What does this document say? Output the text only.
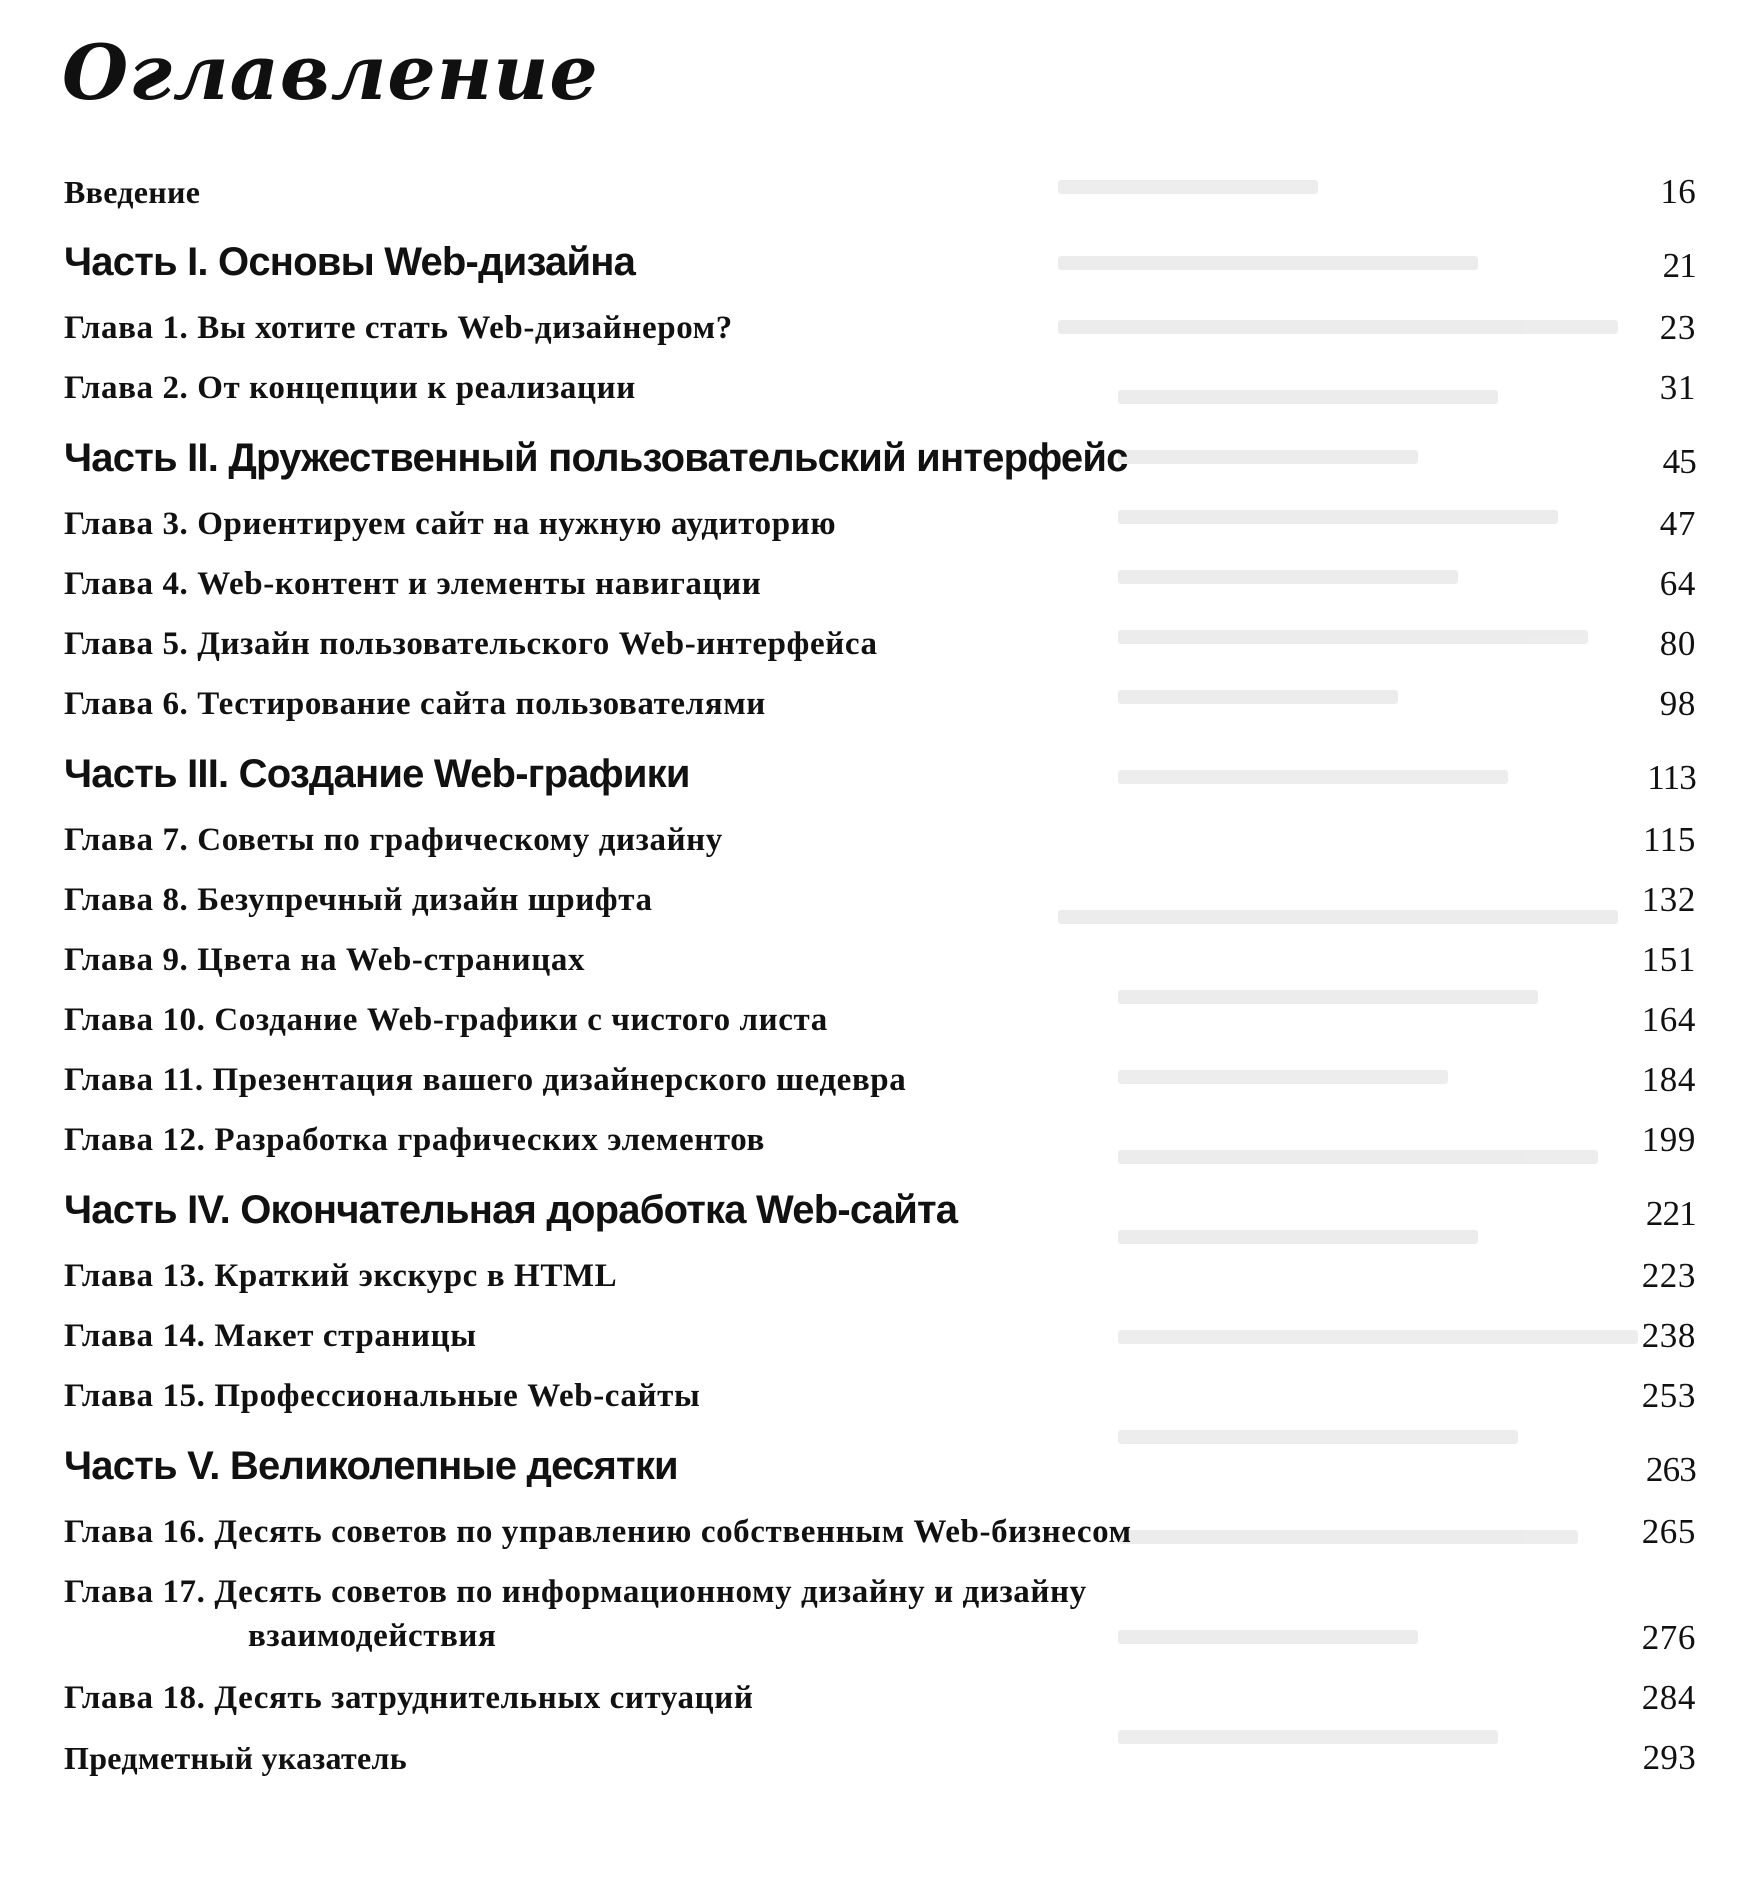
Оглавление
Введение	16
Часть I. Основы Web-дизайна	21
Глава 1. Вы хотите стать Web-дизайнером?	23
Глава 2. От концепции к реализации	31
Часть II. Дружественный пользовательский интерфейс	45
Глава 3. Ориентируем сайт на нужную аудиторию	47
Глава 4. Web-контент и элементы навигации	64
Глава 5. Дизайн пользовательского Web-интерфейса	80
Глава 6. Тестирование сайта пользователями	98
Часть III. Создание Web-графики	113
Глава 7. Советы по графическому дизайну	115
Глава 8. Безупречный дизайн шрифта	132
Глава 9. Цвета на Web-страницах	151
Глава 10. Создание Web-графики с чистого листа	164
Глава 11. Презентация вашего дизайнерского шедевра	184
Глава 12. Разработка графических элементов	199
Часть IV. Окончательная доработка Web-сайта	221
Глава 13. Краткий экскурс в HTML	223
Глава 14. Макет страницы	238
Глава 15. Профессиональные Web-сайты	253
Часть V. Великолепные десятки	263
Глава 16. Десять советов по управлению собственным Web-бизнесом	265
Глава 17. Десять советов по информационному дизайну и дизайну
взаимодействия	276
Глава 18. Десять затруднительных ситуаций	284
Предметный указатель	293
